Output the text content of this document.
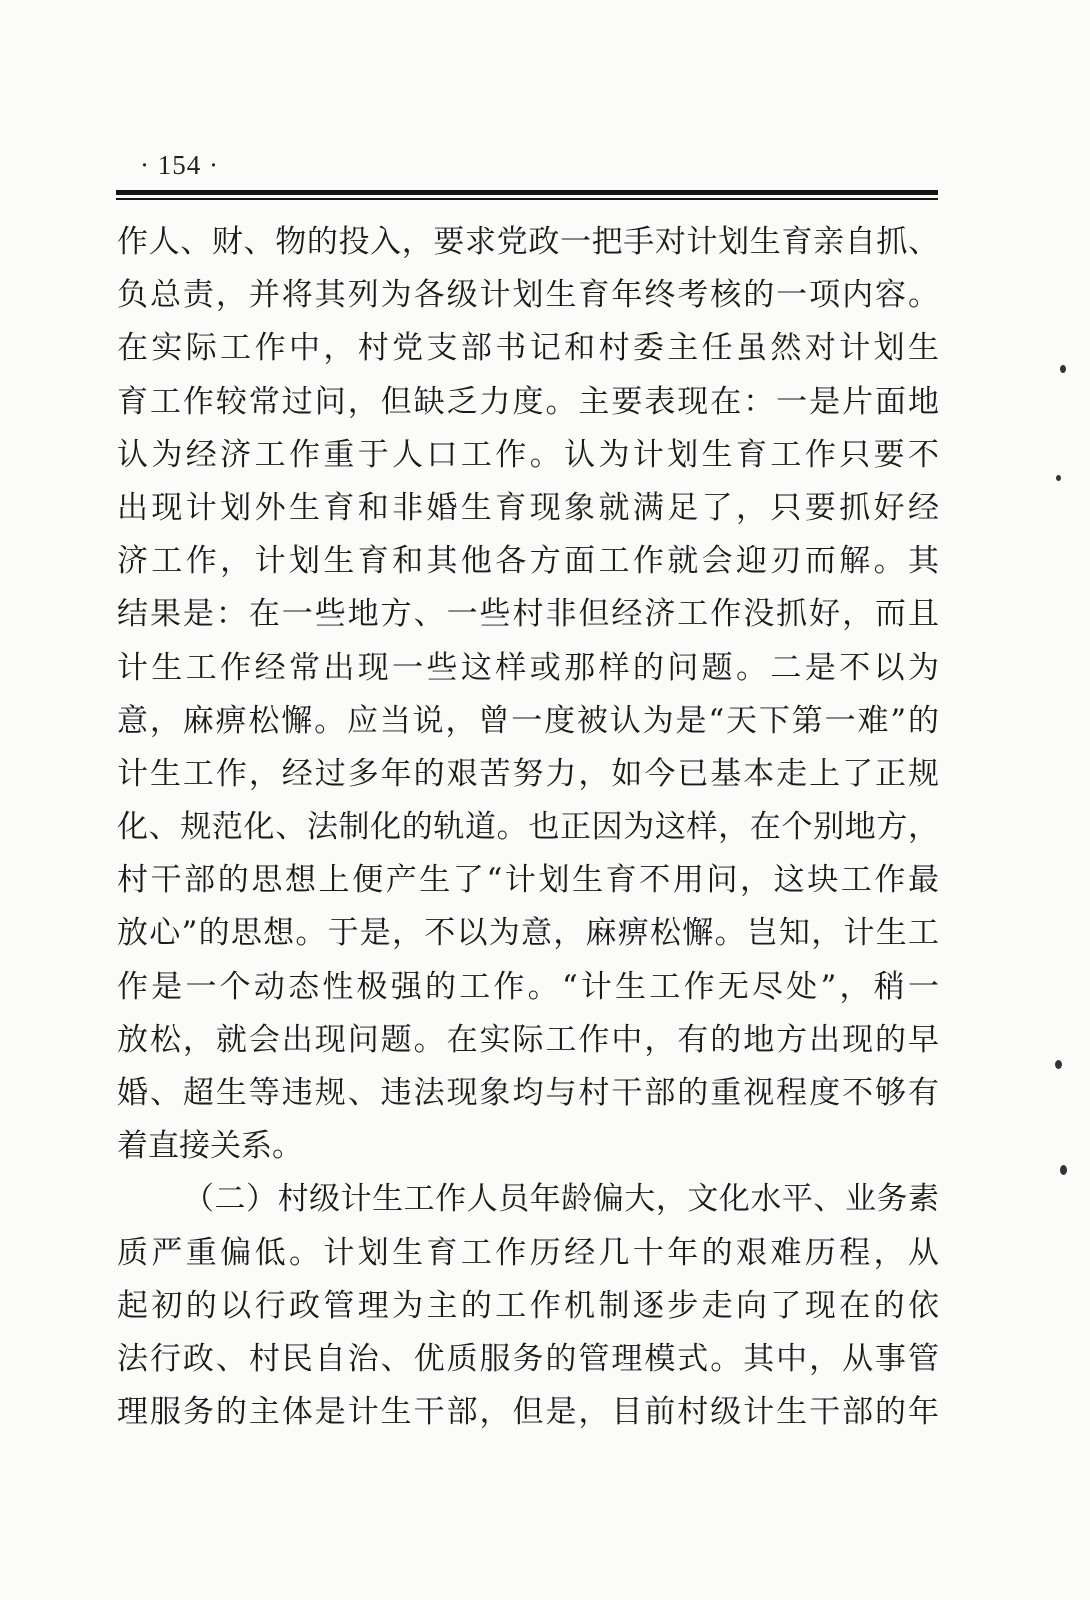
· 154 ·
作人、财、物的投入，要求党政一把手对计划生育亲自抓、
负总责，并将其列为各级计划生育年终考核的一项内容。
在实际工作中，村党支部书记和村委主任虽然对计划生
育工作较常过问，但缺乏力度。主要表现在：一是片面地
认为经济工作重于人口工作。认为计划生育工作只要不
出现计划外生育和非婚生育现象就满足了，只要抓好经
济工作，计划生育和其他各方面工作就会迎刃而解。其
结果是：在一些地方、一些村非但经济工作没抓好，而且
计生工作经常出现一些这样或那样的问题。二是不以为
意，麻痹松懈。应当说，曾一度被认为是“天下第一难”的
计生工作，经过多年的艰苦努力，如今已基本走上了正规
化、规范化、法制化的轨道。也正因为这样，在个别地方，
村干部的思想上便产生了“计划生育不用问，这块工作最
放心”的思想。于是，不以为意，麻痹松懈。岂知，计生工
作是一个动态性极强的工作。“计生工作无尽处”，稍一
放松，就会出现问题。在实际工作中，有的地方出现的早
婚、超生等违规、违法现象均与村干部的重视程度不够有
着直接关系。
（二）村级计生工作人员年龄偏大，文化水平、业务素
质严重偏低。计划生育工作历经几十年的艰难历程，从
起初的以行政管理为主的工作机制逐步走向了现在的依
法行政、村民自治、优质服务的管理模式。其中，从事管
理服务的主体是计生干部，但是，目前村级计生干部的年
